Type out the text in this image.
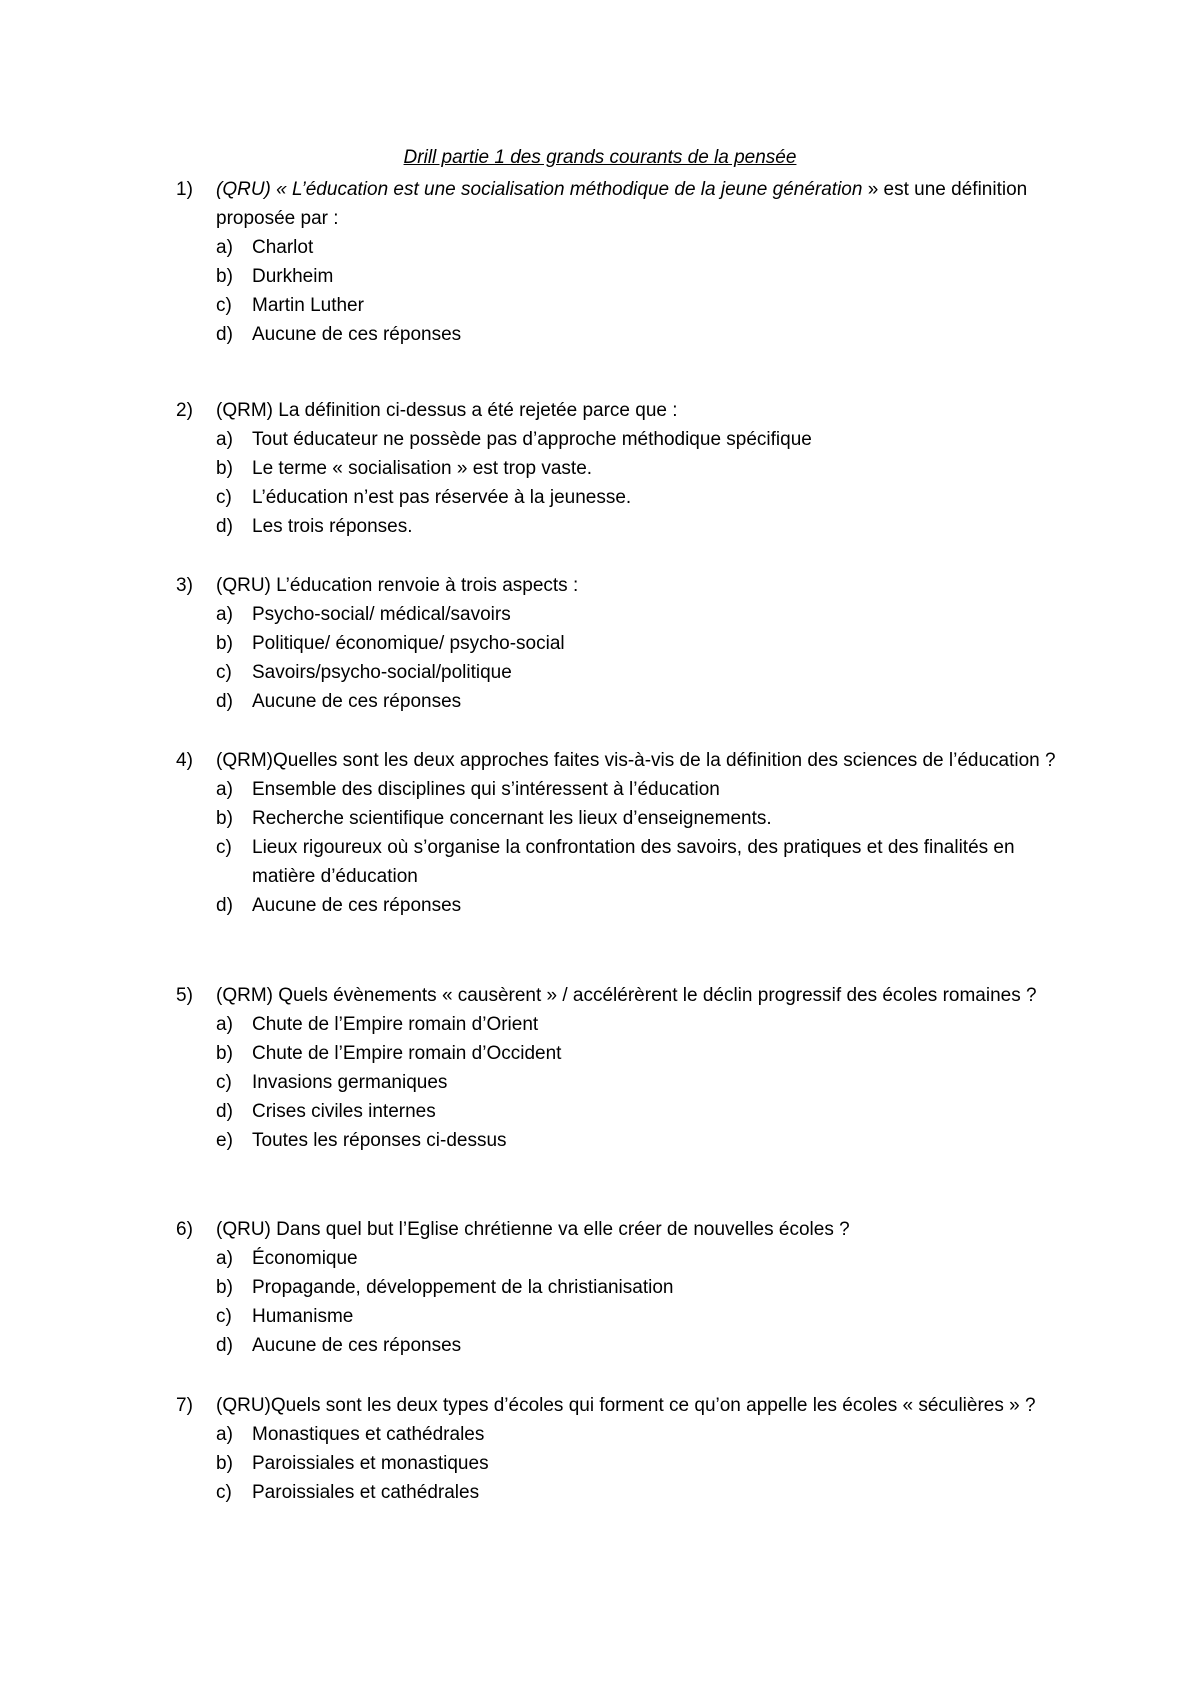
Drill partie 1 des grands courants de la pensée

1) (QRU) « L’éducation est une socialisation méthodique de la jeune génération » est une définition proposée par :

a) Charlot
b) Durkheim
c) Martin Luther
d) Aucune de ces réponses

2) (QRM) La définition ci-dessus a été rejetée parce que :

a) Tout éducateur ne possède pas d’approche méthodique spécifique
b) Le terme « socialisation » est trop vaste.
c) L’éducation n’est pas réservée à la jeunesse.
d) Les trois réponses.

3) (QRU) L’éducation renvoie à trois aspects :

a) Psycho-social/ médical/savoirs
b) Politique/ économique/ psycho-social
c) Savoirs/psycho-social/politique
d) Aucune de ces réponses

4) (QRM)Quelles sont les deux approches faites vis-à-vis de la définition des sciences de l’éducation ?

a) Ensemble des disciplines qui s’intéressent à l’éducation
b) Recherche scientifique concernant les lieux d’enseignements.
c) Lieux rigoureux où s’organise la confrontation des savoirs, des pratiques et des finalités en matière d’éducation
d) Aucune de ces réponses

5) (QRM) Quels évènements « causèrent » / accélérèrent le déclin progressif des écoles romaines ?

a) Chute de l’Empire romain d’Orient
b) Chute de l’Empire romain d’Occident
c) Invasions germaniques
d) Crises civiles internes
e) Toutes les réponses ci-dessus

6) (QRU) Dans quel but l’Eglise chrétienne va elle créer de nouvelles écoles ?

a) Économique
b) Propagande, développement de la christianisation
c) Humanisme
d) Aucune de ces réponses

7) (QRU)Quels sont les deux types d’écoles qui forment ce qu’on appelle les écoles « séculières » ?

a) Monastiques et cathédrales
b) Paroissiales et monastiques
c) Paroissiales et cathédrales
